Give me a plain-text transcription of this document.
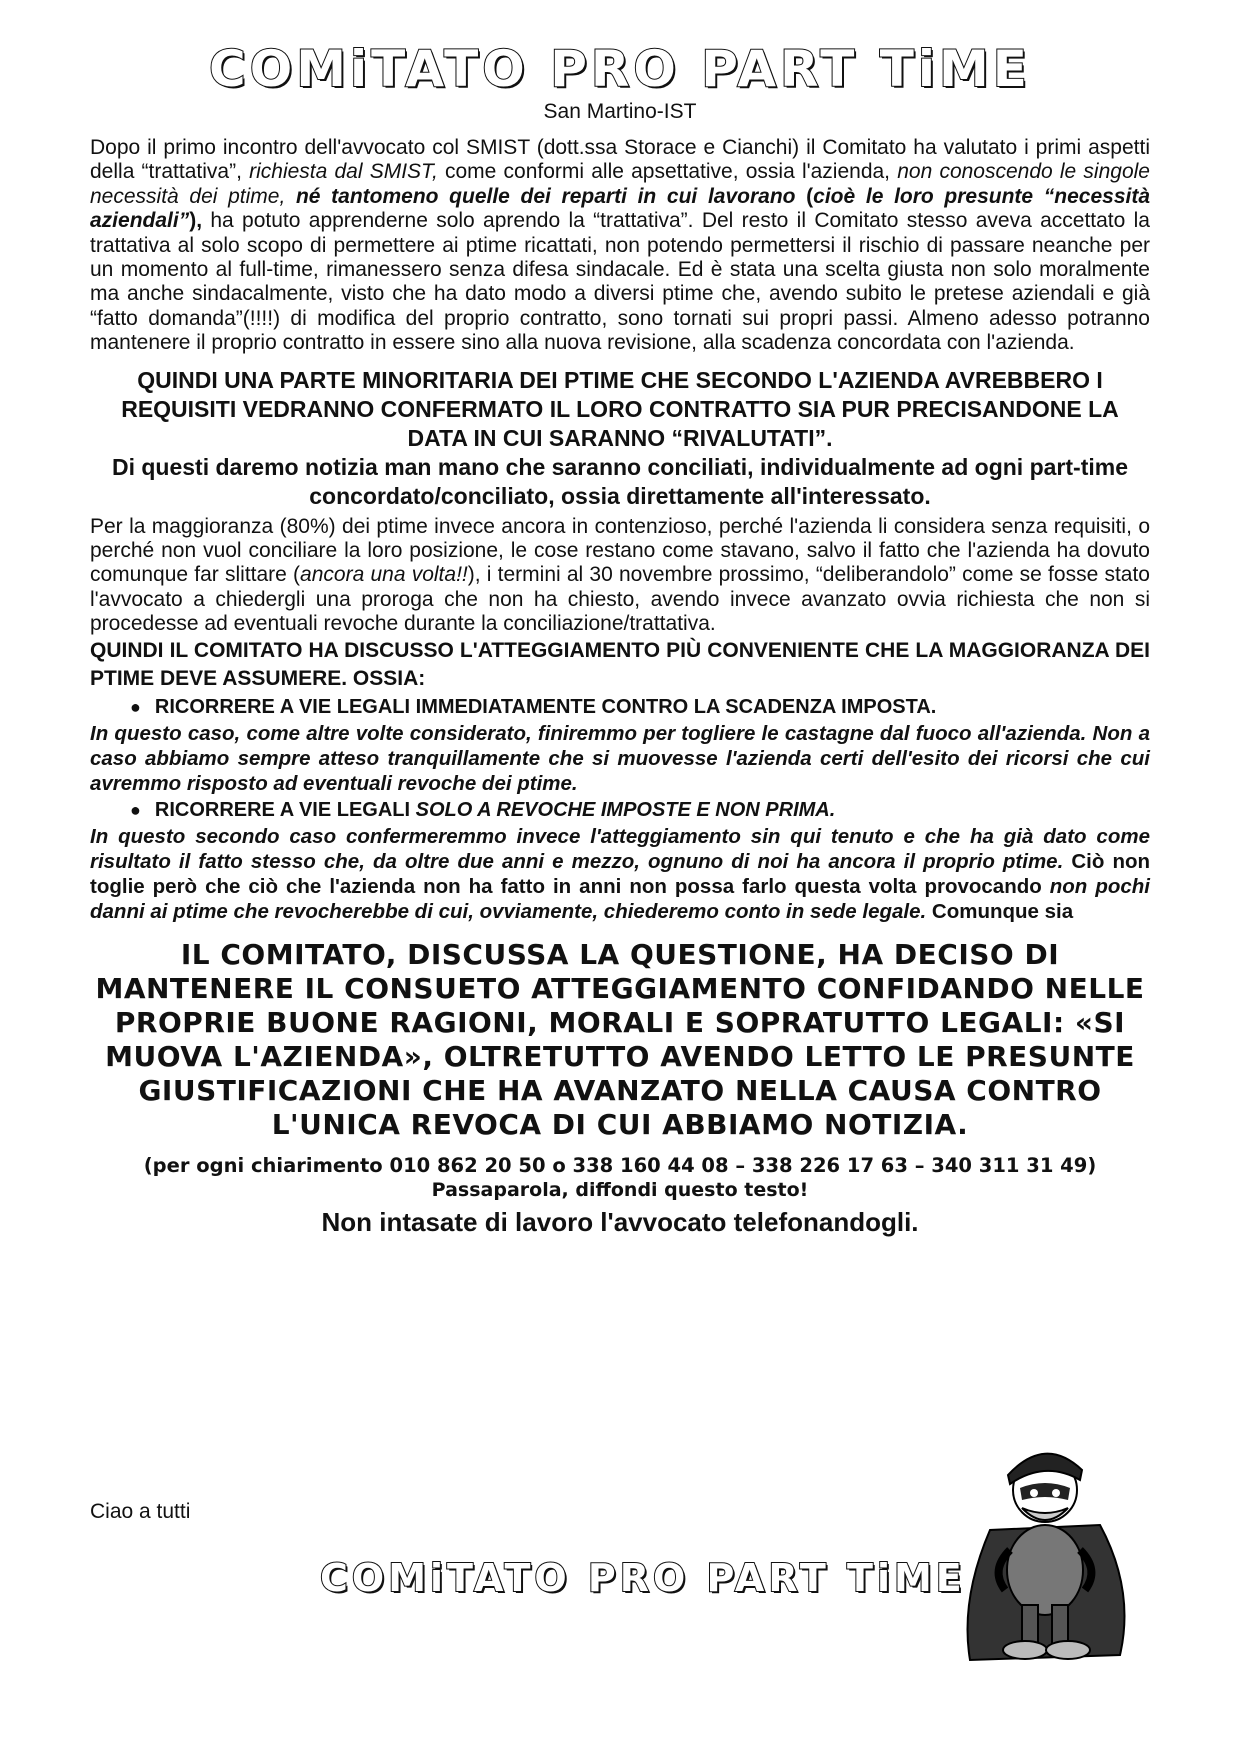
COMiTATO PRO PART TiME
San Martino-IST

Dopo il primo incontro dell'avvocato col SMIST (dott.ssa Storace e Cianchi) il Comitato ha valutato i primi aspetti della “trattativa”, richiesta dal SMIST, come conformi alle apsettative, ossia l'azienda, non conoscendo le singole necessità dei ptime, né tantomeno quelle dei reparti in cui lavorano (cioè le loro presunte “necessità aziendali”), ha potuto apprenderne solo aprendo la “trattativa”. Del resto il Comitato stesso aveva accettato la trattativa al solo scopo di permettere ai ptime ricattati, non potendo permettersi il rischio di passare neanche per un momento al full-time, rimanessero senza difesa sindacale. Ed è stata una scelta giusta non solo moralmente ma anche sindacalmente, visto che ha dato modo a diversi ptime che, avendo subito le pretese aziendali e già “fatto domanda”(!!!!) di modifica del proprio contratto, sono tornati sui propri passi. Almeno adesso potranno mantenere il proprio contratto in essere sino alla nuova revisione, alla scadenza concordata con l'azienda.

QUINDI UNA PARTE MINORITARIA DEI PTIME CHE SECONDO L'AZIENDA AVREBBERO I REQUISITI VEDRANNO CONFERMATO IL LORO CONTRATTO SIA PUR PRECISANDONE LA DATA IN CUI SARANNO “RIVALUTATI”.

Di questi daremo notizia man mano che saranno conciliati, individualmente ad ogni part-time concordato/conciliato, ossia direttamente all'interessato.

Per la maggioranza (80%) dei ptime invece ancora in contenzioso, perché l'azienda li considera senza requisiti, o perché non vuol conciliare la loro posizione, le cose restano come stavano, salvo il fatto che l'azienda ha dovuto comunque far slittare (ancora una volta!!), i termini al 30 novembre prossimo, “deliberandolo” come se fosse stato l'avvocato a chiedergli una proroga che non ha chiesto, avendo invece avanzato ovvia richiesta che non si procedesse ad eventuali revoche durante la conciliazione/trattativa.

QUINDI IL COMITATO HA DISCUSSO L'ATTEGGIAMENTO PIÙ CONVENIENTE CHE LA MAGGIORANZA DEI PTIME DEVE ASSUMERE. OSSIA:

● RICORRERE A VIE LEGALI IMMEDIATAMENTE CONTRO LA SCADENZA IMPOSTA.

In questo caso, come altre volte considerato, finiremmo per togliere le castagne dal fuoco all'azienda. Non a caso abbiamo sempre atteso tranquillamente che si muovesse l'azienda certi dell'esito dei ricorsi che cui avremmo risposto ad eventuali revoche dei ptime.

● RICORRERE A VIE LEGALI SOLO A REVOCHE IMPOSTE E NON PRIMA.

In questo secondo caso confermeremmo invece l'atteggiamento sin qui tenuto e che ha già dato come risultato il fatto stesso che, da oltre due anni e mezzo, ognuno di noi ha ancora il proprio ptime. Ciò non toglie però che ciò che l'azienda non ha fatto in anni non possa farlo questa volta provocando non pochi danni ai ptime che revocherebbe di cui, ovviamente, chiederemo conto in sede legale. Comunque sia

IL COMITATO, DISCUSSA LA QUESTIONE, HA DECISO DI MANTENERE IL CONSUETO ATTEGGIAMENTO CONFIDANDO NELLE PROPRIE BUONE RAGIONI, MORALI E SOPRATUTTO LEGALI: «SI MUOVA L'AZIENDA», OLTRETUTTO AVENDO LETTO LE PRESUNTE GIUSTIFICAZIONI CHE HA AVANZATO NELLA CAUSA CONTRO L'UNICA REVOCA DI CUI ABBIAMO NOTIZIA.

(per ogni chiarimento 010 862 20 50 o 338 160 44 08 – 338 226 17 63 – 340 311 31 49)

Passaparola, diffondi questo testo!

Non intasate di lavoro l'avvocato telefonandogli.

Ciao a tutti
COMiTATO PRO PART TiME
